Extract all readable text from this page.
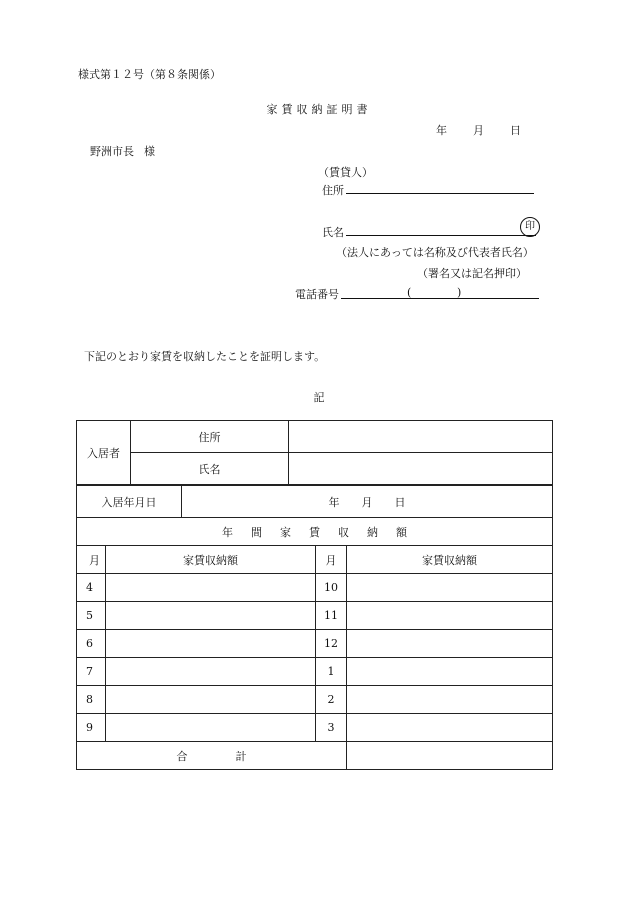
様式第１２号（第８条関係）
家賃収納証明書
年 月 日
野洲市長 様
（賃貸人）
住所
氏名	印
（法人にあっては名称及び代表者氏名）
（署名又は記名押印）
電話番号	(	)
下記のとおり家賃を収納したことを証明します。
記
入居者	住所	
	氏名	
入居年月日		年 月 日		
年間家賃収納額				
月	家賃収納額		月	家賃収納額
4			10	
5			11	
6			12	
7			1	
8			2	
9			3	
合 計				
